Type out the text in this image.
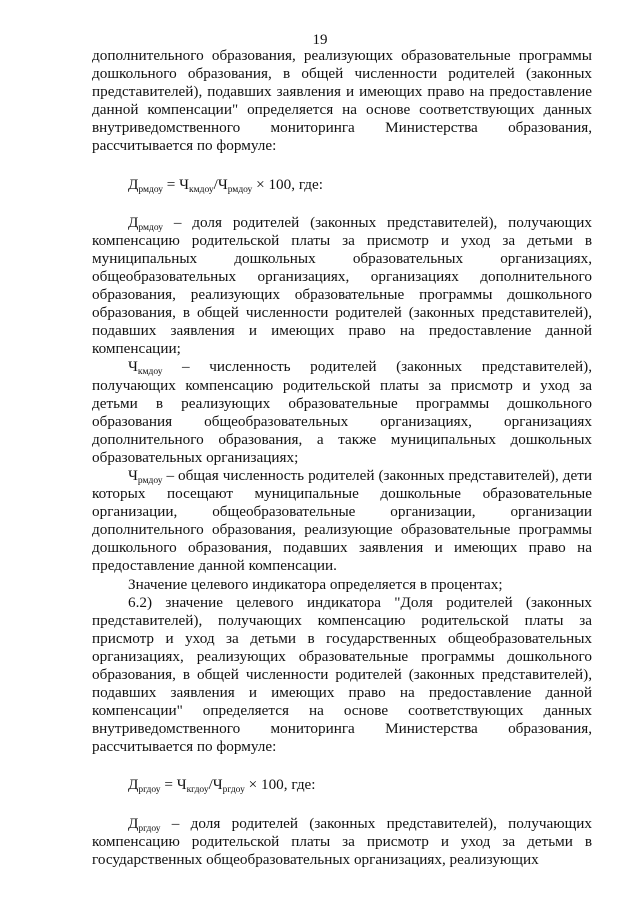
19

дополнительного образования, реализующих образовательные программы дошкольного образования, в общей численности родителей (законных представителей), подавших заявления и имеющих право на предоставление данной компенсации" определяется на основе соответствующих данных внутриведомственного мониторинга Министерства образования, рассчитывается по формуле:

$Д_{рмдоу} = Ч_{кмдоу}/Ч_{рмдоу} \times 100$, где:

$Д_{рмдоу}$ – доля родителей (законных представителей), получающих компенсацию родительской платы за присмотр и уход за детьми в муниципальных дошкольных образовательных организациях, общеобразовательных организациях, организациях дополнительного образования, реализующих образовательные программы дошкольного образования, в общей численности родителей (законных представителей), подавших заявления и имеющих право на предоставление данной компенсации;

$Ч_{кмдоу}$ – численность родителей (законных представителей), получающих компенсацию родительской платы за присмотр и уход за детьми в реализующих образовательные программы дошкольного образования общеобразовательных организациях, организациях дополнительного образования, а также муниципальных дошкольных образовательных организациях;

$Ч_{рмдоу}$ – общая численность родителей (законных представителей), дети которых посещают муниципальные дошкольные образовательные организации, общеобразовательные организации, организации дополнительного образования, реализующие образовательные программы дошкольного образования, подавших заявления и имеющих право на предоставление данной компенсации.

Значение целевого индикатора определяется в процентах;

6.2) значение целевого индикатора "Доля родителей (законных представителей), получающих компенсацию родительской платы за присмотр и уход за детьми в государственных общеобразовательных организациях, реализующих образовательные программы дошкольного образования, в общей численности родителей (законных представителей), подавших заявления и имеющих право на предоставление данной компенсации" определяется на основе соответствующих данных внутриведомственного мониторинга Министерства образования, рассчитывается по формуле:

$Д_{ргдоу} = Ч_{кгдоу}/Ч_{ргдоу} \times 100$, где:

$Д_{ргдоу}$ – доля родителей (законных представителей), получающих компенсацию родительской платы за присмотр и уход за детьми в государственных общеобразовательных организациях, реализующих
